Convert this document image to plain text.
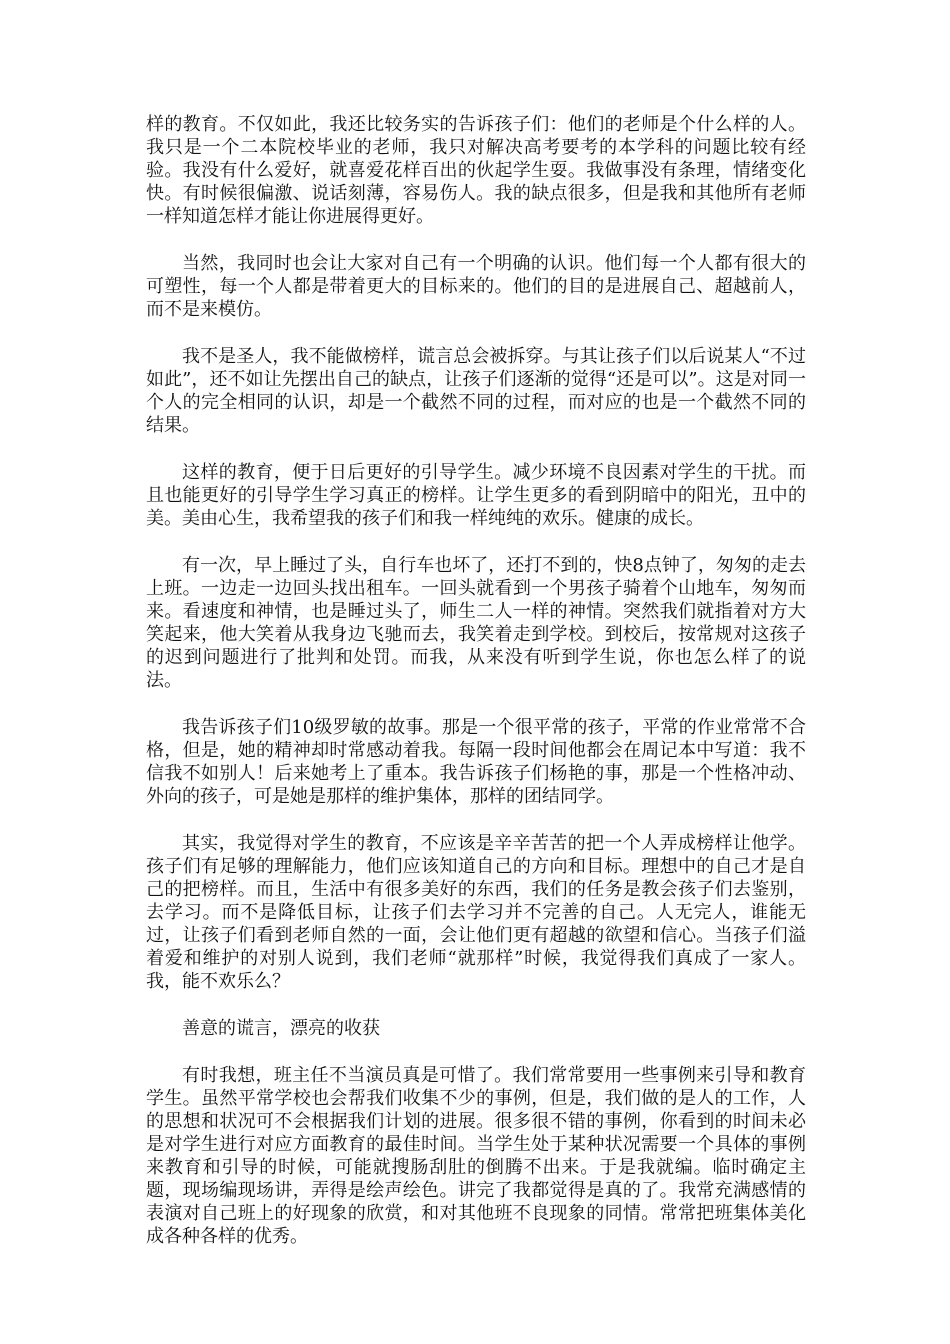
样的教育。不仅如此，我还比较务实的告诉孩子们：他们的老师是个什么样的人。我只是一个二本院校毕业的老师，我只对解决高考要考的本学科的问题比较有经验。我没有什么爱好，就喜爱花样百出的伙起学生耍。我做事没有条理，情绪变化快。有时候很偏激、说话刻薄，容易伤人。我的缺点很多，但是我和其他所有老师一样知道怎样才能让你进展得更好。

当然，我同时也会让大家对自己有一个明确的认识。他们每一个人都有很大的可塑性，每一个人都是带着更大的目标来的。他们的目的是进展自己、超越前人，而不是来模仿。

我不是圣人，我不能做榜样，谎言总会被拆穿。与其让孩子们以后说某人“不过如此”，还不如让先摆出自己的缺点，让孩子们逐渐的觉得“还是可以”。这是对同一个人的完全相同的认识，却是一个截然不同的过程，而对应的也是一个截然不同的结果。

这样的教育，便于日后更好的引导学生。减少环境不良因素对学生的干扰。而且也能更好的引导学生学习真正的榜样。让学生更多的看到阴暗中的阳光，丑中的美。美由心生，我希望我的孩子们和我一样纯纯的欢乐。健康的成长。

有一次，早上睡过了头，自行车也坏了，还打不到的，快8点钟了，匆匆的走去上班。一边走一边回头找出租车。一回头就看到一个男孩子骑着个山地车，匆匆而来。看速度和神情，也是睡过头了，师生二人一样的神情。突然我们就指着对方大笑起来，他大笑着从我身边飞驰而去，我笑着走到学校。到校后，按常规对这孩子的迟到问题进行了批判和处罚。而我，从来没有听到学生说，你也怎么样了的说法。

我告诉孩子们10级罗敏的故事。那是一个很平常的孩子，平常的作业常常不合格，但是，她的精神却时常感动着我。每隔一段时间他都会在周记本中写道：我不信我不如别人！后来她考上了重本。我告诉孩子们杨艳的事，那是一个性格冲动、外向的孩子，可是她是那样的维护集体，那样的团结同学。

其实，我觉得对学生的教育，不应该是辛辛苦苦的把一个人弄成榜样让他学。孩子们有足够的理解能力，他们应该知道自己的方向和目标。理想中的自己才是自己的把榜样。而且，生活中有很多美好的东西，我们的任务是教会孩子们去鉴别，去学习。而不是降低目标，让孩子们去学习并不完善的自己。人无完人，谁能无过，让孩子们看到老师自然的一面，会让他们更有超越的欲望和信心。当孩子们溢着爱和维护的对别人说到，我们老师“就那样”时候，我觉得我们真成了一家人。我，能不欢乐么？

善意的谎言，漂亮的收获

有时我想，班主任不当演员真是可惜了。我们常常要用一些事例来引导和教育学生。虽然平常学校也会帮我们收集不少的事例，但是，我们做的是人的工作，人的思想和状况可不会根据我们计划的进展。很多很不错的事例，你看到的时间未必是对学生进行对应方面教育的最佳时间。当学生处于某种状况需要一个具体的事例来教育和引导的时候，可能就搜肠刮肚的倒腾不出来。于是我就编。临时确定主题，现场编现场讲，弄得是绘声绘色。讲完了我都觉得是真的了。我常充满感情的表演对自己班上的好现象的欣赏，和对其他班不良现象的同情。常常把班集体美化成各种各样的优秀。
